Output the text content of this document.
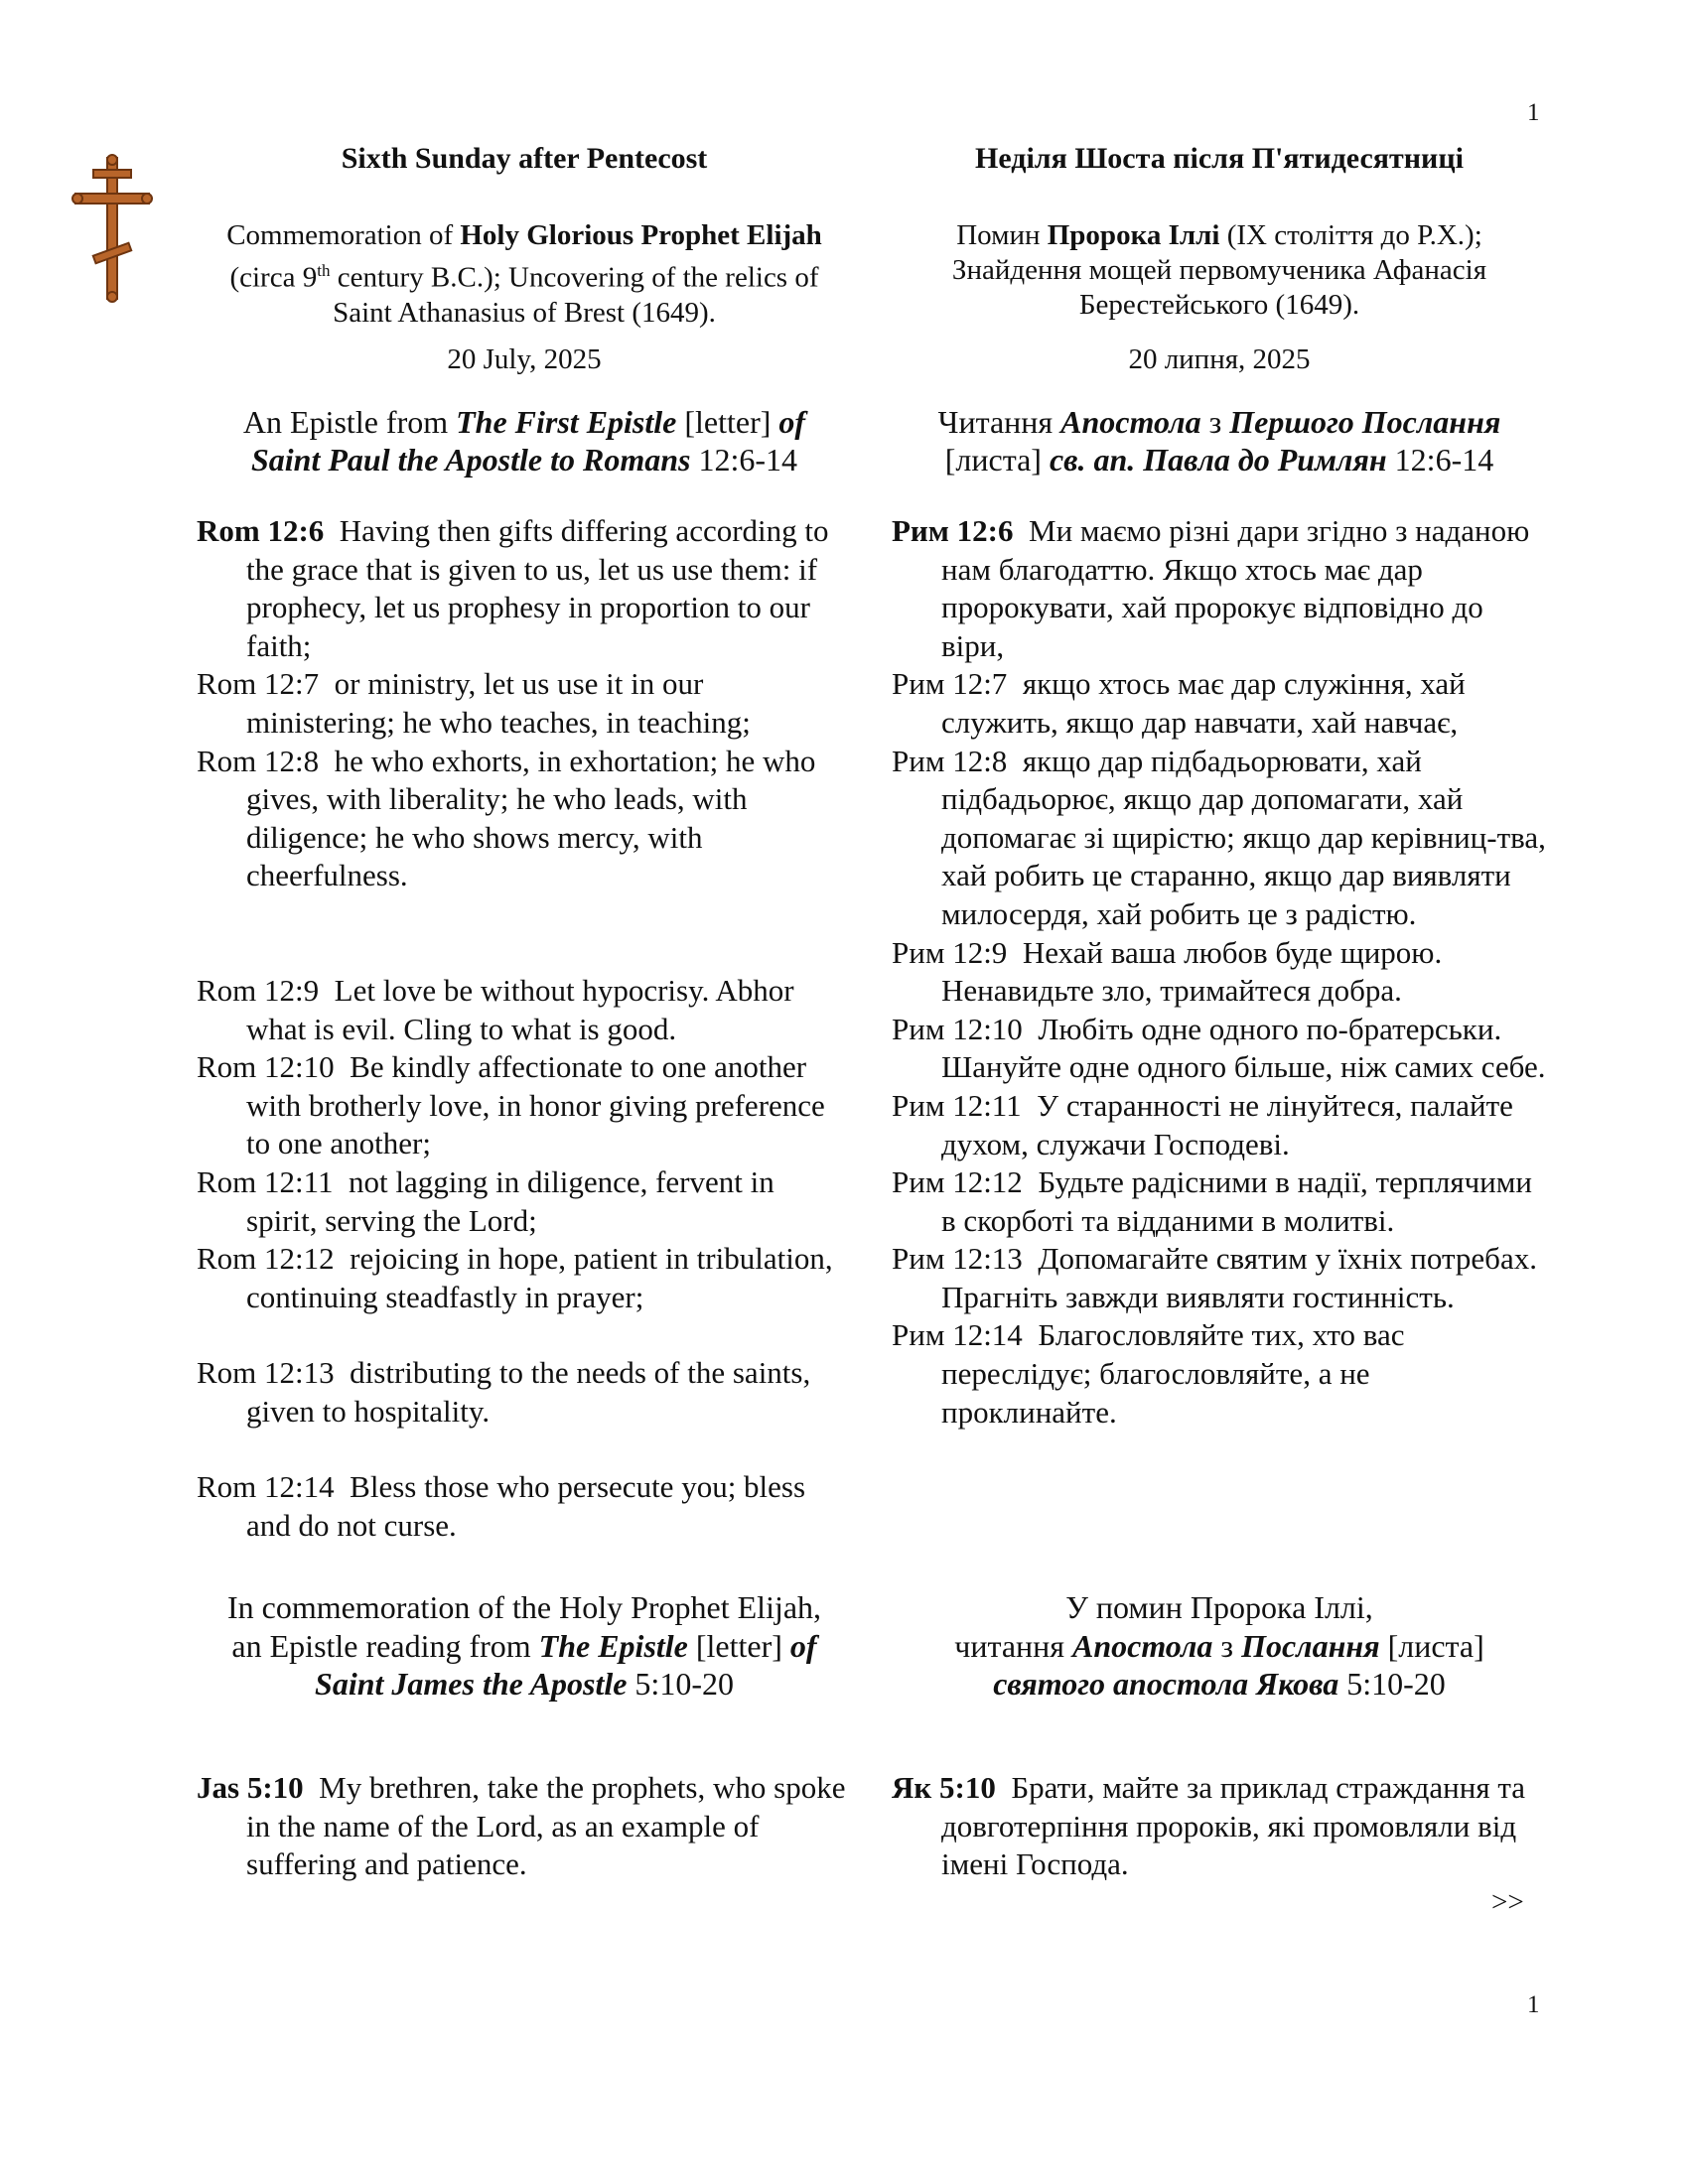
1
Sixth Sunday after Pentecost
Commemoration of Holy Glorious Prophet Elijah
(circa 9th century B.C.); Uncovering of the relics of
Saint Athanasius of Brest (1649).
20 July, 2025
An Epistle from The First Epistle [letter] of
Saint Paul the Apostle to Romans 12:6-14

Rom 12:6 Having then gifts differing according to the grace that is given to us, let us use them: if prophecy, let us prophesy in proportion to our faith;

Rom 12:7 or ministry, let us use it in our ministering; he who teaches, in teaching;

Rom 12:8 he who exhorts, in exhortation; he who gives, with liberality; he who leads, with diligence; he who shows mercy, with cheerfulness.

Rom 12:9 Let love be without hypocrisy. Abhor what is evil. Cling to what is good.

Rom 12:10 Be kindly affectionate to one another with brotherly love, in honor giving preference to one another;

Rom 12:11 not lagging in diligence, fervent in spirit, serving the Lord;

Rom 12:12 rejoicing in hope, patient in tribulation, continuing steadfastly in prayer;

Rom 12:13 distributing to the needs of the saints, given to hospitality.

Rom 12:14 Bless those who persecute you; bless and do not curse.

In commemoration of the Holy Prophet Elijah,
an Epistle reading from The Epistle [letter] of
Saint James the Apostle 5:10-20

Jas 5:10 My brethren, take the prophets, who spoke in the name of the Lord, as an example of suffering and patience.

Неділя Шоста після П'ятидесятниці
Помин Пророка Іллі (IX століття до Р.Х.);
Знайдення мощей первомученика Афанасія
Берестейського (1649).
20 липня, 2025
Читання Апостола з Першого Послання
[листа] св. ап. Павла до Римлян 12:6-14

Рим 12:6 Ми маємо різні дари згідно з наданою нам благодаттю. Якщо хтось має дар пророкувати, хай пророкує відповідно до віри,

Рим 12:7 якщо хтось має дар служіння, хай служить, якщо дар навчати, хай навчає,

Рим 12:8 якщо дар підбадьорювати, хай підбадьорює, якщо дар допомагати, хай допомагає зі щирістю; якщо дар керівниц-тва, хай робить це старанно, якщо дар виявляти милосердя, хай робить це з радістю.

Рим 12:9 Нехай ваша любов буде щирою. Ненавидьте зло, тримайтеся добра.

Рим 12:10 Любіть одне одного по-братерськи. Шануйте одне одного більше, ніж самих себе.

Рим 12:11 У старанності не лінуйтеся, палайте духом, служачи Господеві.

Рим 12:12 Будьте радісними в надії, терплячими в скорботі та відданими в молитві.

Рим 12:13 Допомагайте святим у їхніх потребах. Прагніть завжди виявляти гостинність.

Рим 12:14 Благословляйте тих, хто вас переслідує; благословляйте, а не проклинайте.

У помин Пророка Іллі,
читання Апостола з Послання [листа]
святого апостола Якова 5:10-20

Як 5:10 Брати, майте за приклад страждання та довготерпіння пророків, які промовляли від імені Господа.

>>
1
